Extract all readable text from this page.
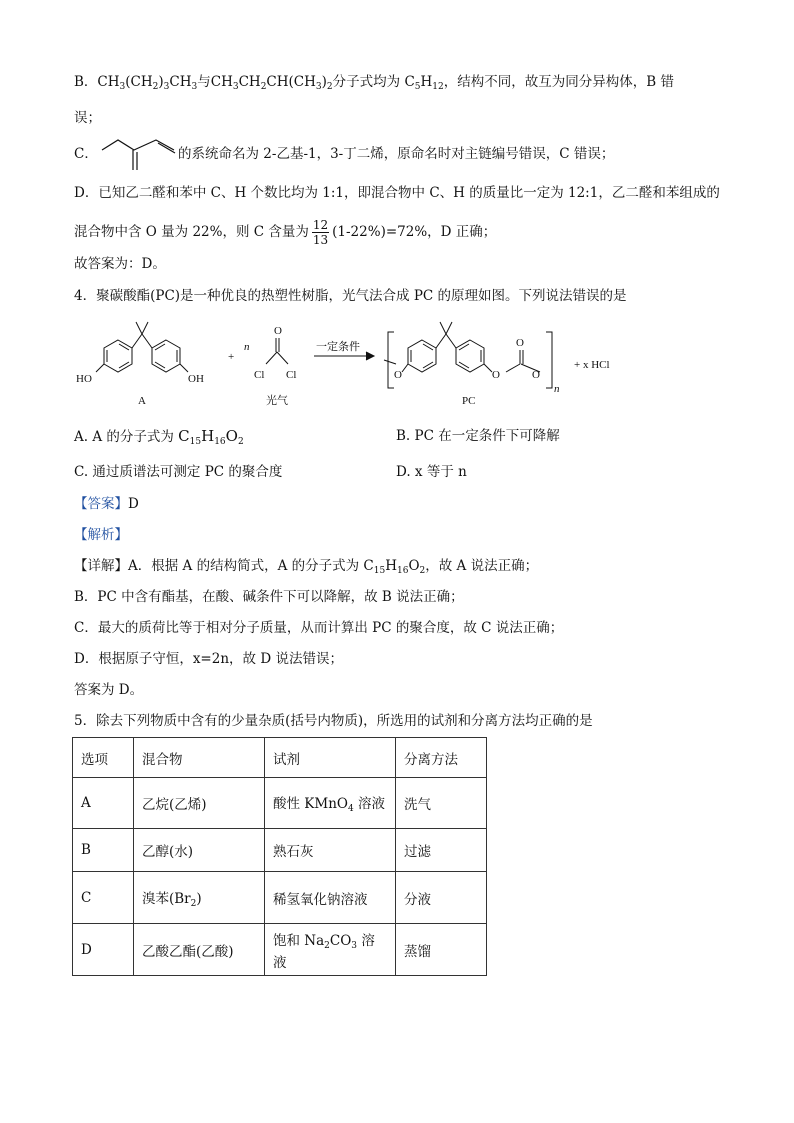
B．$CH_3(CH_2)_3CH_3$与$CH_3CH_2CH(CH_3)_2$分子式均为 $C_5H_{12}$，结构不同，故互为同分异构体，B 错
误；
C．	的系统命名为 2-乙基-1，3-丁二烯，原命名时对主链编号错误，C 错误；
D．已知乙二醛和苯中 C、H 个数比均为 1:1，即混合物中 C、H 的质量比一定为 12:1，乙二醛和苯组成的
混合物中含 O 量为 22%，则 C 含量为 $\frac{12}{13} (1-22\%)=72\%$，D 正确；
故答案为：D。
4．聚碳酸酯(PC)是一种优良的热塑性树脂，光气法合成 PC 的原理如图。下列说法错误的是
HO	OH
A
+
n
O
Cl Cl
光气
一定条件
O	O
O
O
n
PC
+ x HCl
A. A 的分子式为 $C_{15}H_{16}O_2$	B. PC 在一定条件下可降解
C. 通过质谱法可测定 PC 的聚合度	D. x 等于 n
【答案】D
【解析】
【详解】A．根据 A 的结构简式，A 的分子式为 $C_{15}H_{16}O_2$，故 A 说法正确；
B．PC 中含有酯基，在酸、碱条件下可以降解，故 B 说法正确；
C．最大的质荷比等于相对分子质量，从而计算出 PC 的聚合度，故 C 说法正确；
D．根据原子守恒，x=2n，故 D 说法错误；
答案为 D。
5．除去下列物质中含有的少量杂质(括号内物质)，所选用的试剂和分离方法均正确的是
选项	混合物	试剂	分离方法
A	乙烷(乙烯)	酸性 KMnO$_4$ 溶液	洗气
B	乙醇(水)	熟石灰	过滤
C	溴苯$(Br_2)$	稀氢氧化钠溶液	分液
D	乙酸乙酯(乙酸)	饱和 $Na_2CO_3$ 溶液	蒸馏
